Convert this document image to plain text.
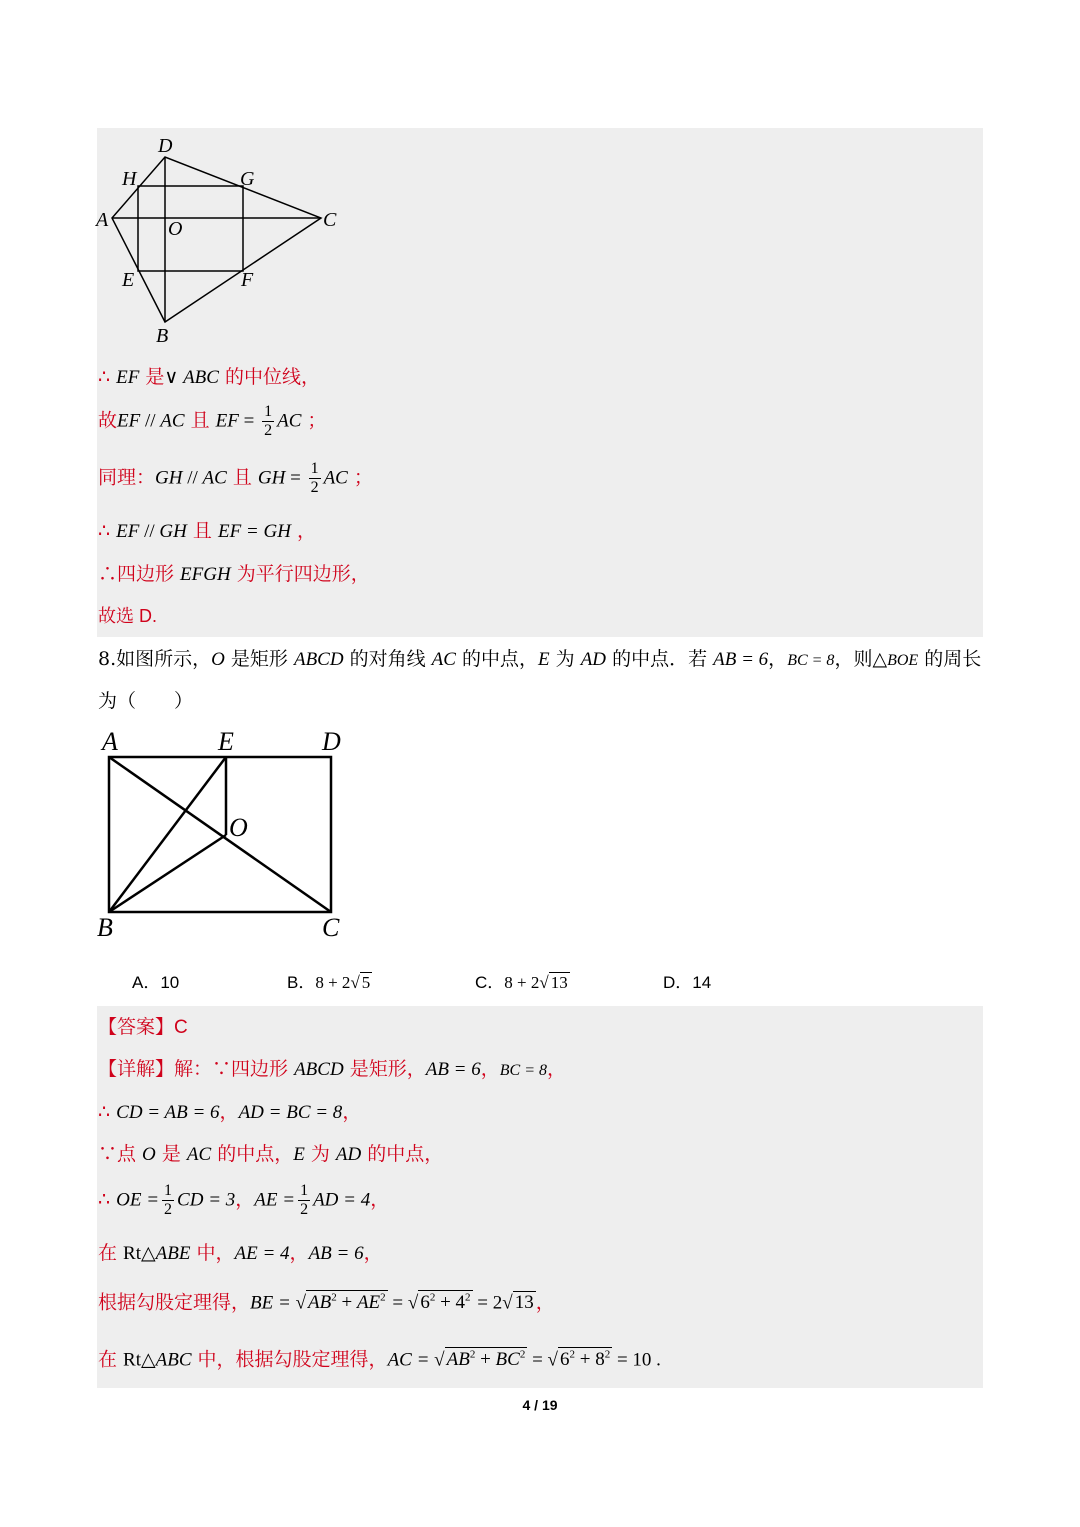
D
H	G
A	O	C
E	F
B
∴ EF 是∨ ABC 的中位线，
故EF // AC 且 EF = $\frac{1}{2}$ AC ；
同理：GH // AC 且 GH = $\frac{1}{2}$ AC ；
∴ EF // GH 且 EF = GH ，
∴四边形 EFGH 为平行四边形，
故选 D.
8.如图所示，O 是矩形 ABCD 的对角线 AC 的中点，E 为 AD 的中点．若 AB = 6，BC = 8，则△BOE 的周长
为（　　）
A	E	D
O
B	C
A．10	B．8 + 2√ 5	C．8 + 2√ 13	D．14
【答案】C
【详解】解：∵四边形 ABCD 是矩形，AB = 6，BC = 8，
∴ CD = AB = 6，AD = BC = 8，
∵点 O 是 AC 的中点，E 为 AD 的中点，
∴ OE = $\frac{1}{2}$ CD = 3，AE = $\frac{1}{2}$ AD = 4，
在 Rt△ABE 中，AE = 4，AB = 6，
根据勾股定理得，BE = √ $AB^2 + AE^2$ = √ $6^2 + 4^2 = 2√$ 13 ，
在 Rt△ABC 中，根据勾股定理得，AC = √ $AB^2 + BC^2$ = √ $6^2 + 8^2 = 10$ .
4 / 19
